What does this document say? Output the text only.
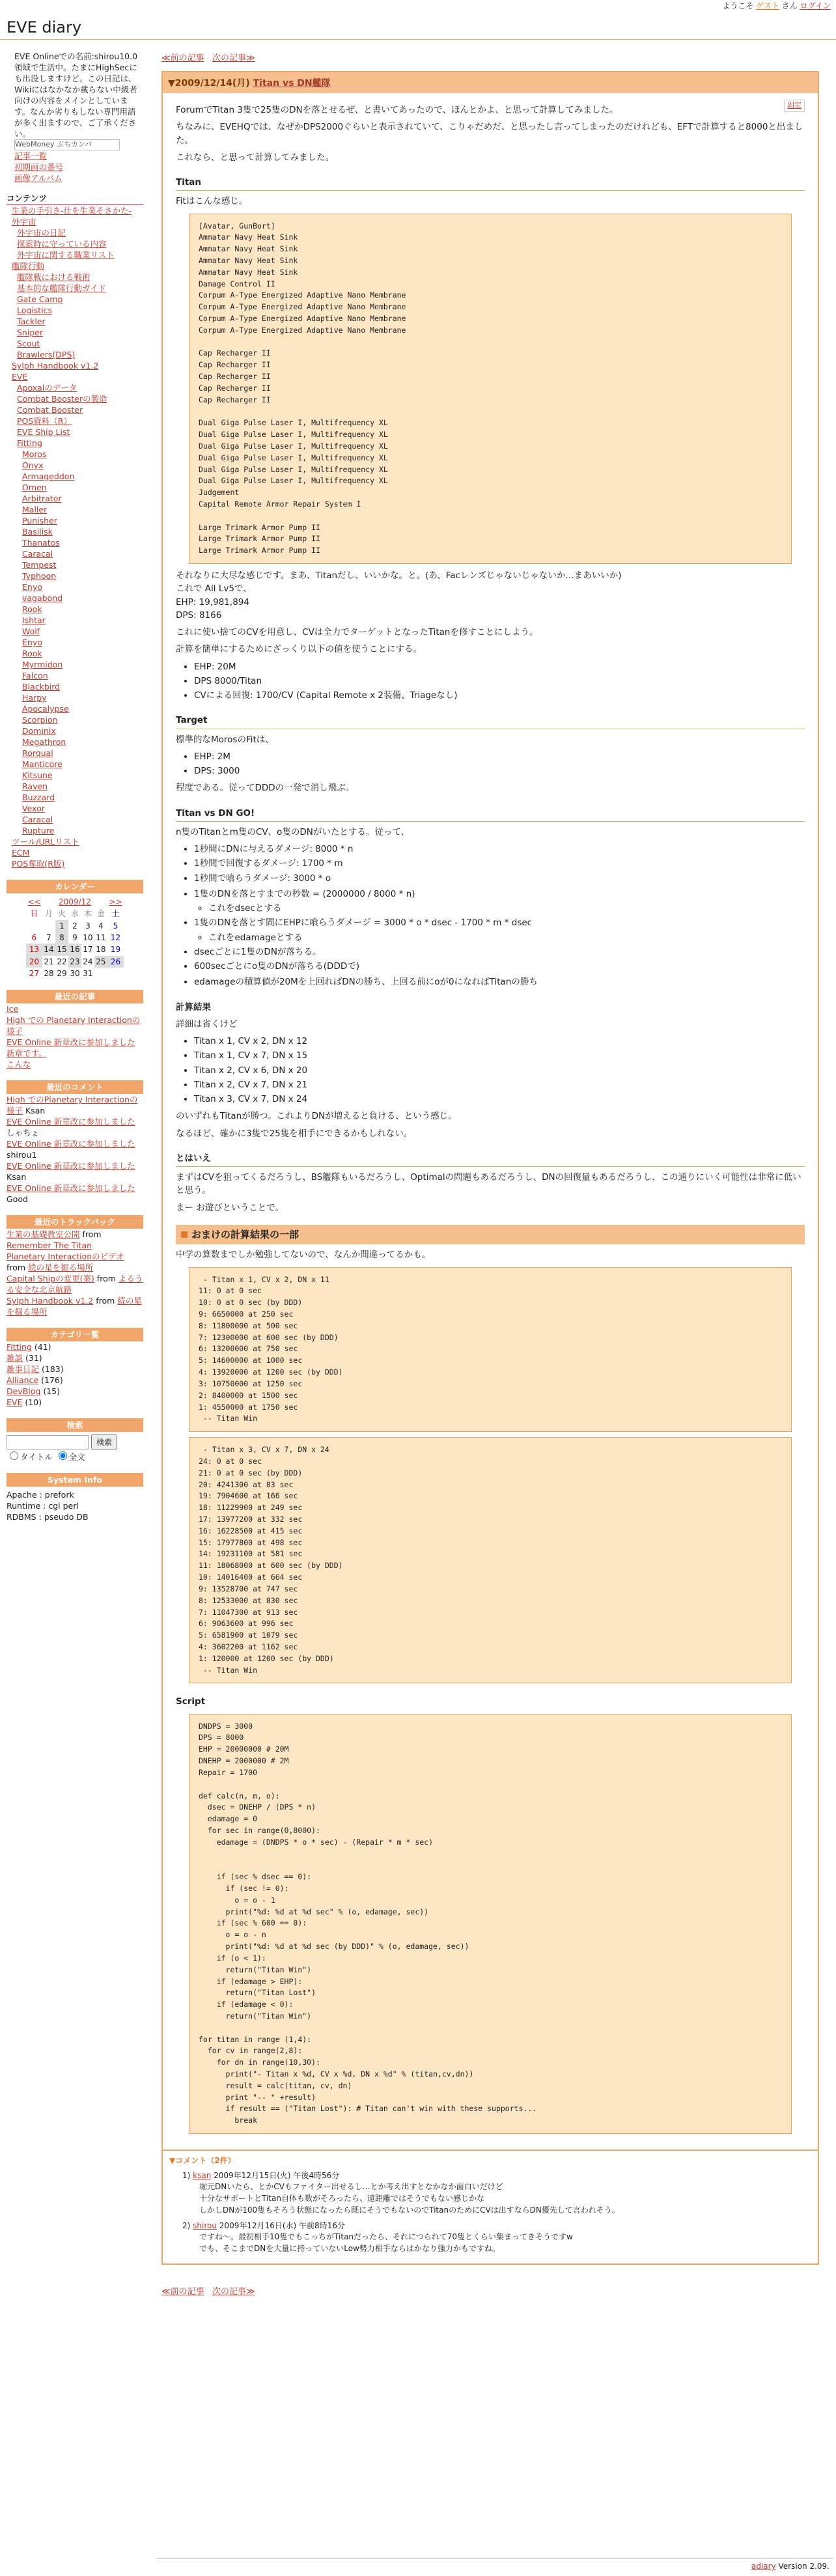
ようこそ ゲスト さん ログイン
EVE diary
EVE Onlineでの名前:shirou10.0領域で生活中。たまにHighSecにも出没しますけど。この日記は、Wikiにはなかなか載らない中級者向けの内容をメインとしています。なんか劣りもしない専門用語が多く出ますので、ご了承ください。
WebMoney ぷちカンパ
記事一覧
初期画の番号
画像アルバム
コンテンツ
生業の手引き-仕を生業そさかた-
外宇宙
外宇宙の日記
探索時に守っている内容
外宇宙に関する職業リスト
艦隊行動
艦隊戦における戦術
基本的な艦隊行動ガイド
Gate Camp
Logistics
Tackler
Sniper
Scout
Brawlers(DPS)
Sylph Handbook v1.2
EVE
Apoxalのデータ
Combat Boosterの製造
Combat Booster
POS資料（R）
EVE Ship List
Fitting
Moros
Onyx
Armageddon
Omen
Arbitrator
Maller
Punisher
Basilisk
Thanatos
Caracal
Tempest
Typhoon
Enyo
vagabond
Rook
Ishtar
Wolf
Enyo
Rook
Myrmidon
Falcon
Blackbird
Harpy
Apocalypse
Scorpion
Dominix
Megathron
Rorqual
Manticore
Kitsune
Raven
Buzzard
Vexor
Caracal
Rupture
ツール/URLリスト
ECM
POS奪取(R版)
カレンダー
<<	2009/12					>>
日	月	火	水	木	金	土
		1	2	3	4	5
6	7	8	9	10	11	12
13	14	15	16	17	18	19
20	21	22	23	24	25	26
27	28	29	30	31		
最近の記事
Ice
High での Planetary Interactionの様子
EVE Online 新章改に参加しました
新章です。
こんな
最近のコメント
High でのPlanetary Interactionの様子 Ksan
EVE Online 新章改に参加しました しゃちょ
EVE Online 新章改に参加しました shirou1
EVE Online 新章改に参加しました Ksan
EVE Online 新章改に参加しました Good
最近のトラックバック
生業の基礎教室公開 from Remember The Titan
Planetary Interactionのビデオ from 続の星を掘る場所
Capital Shipの変更(案) from よるうる安全な北京航路
Sylph Handbook v1.2 from 続の星を掘る場所
カテゴリ一覧
Fitting (41)
雑談 (31)
雑事日記 (183)
Alliance (176)
DevBlog (15)
EVE (10)
検索
検索
タイトル 全文
System Info
Apache : prefork
Runtime : cgi perl
RDBMS : pseudo DB
≪前の記事 次の記事≫
▼2009/12/14(月) Titan vs DN艦隊
固定

ForumでTitan 3隻で25隻のDNを落とせるぜ、と書いてあったので、ほんとかよ、と思って計算してみました。

ちなみに、EVEHQでは、なぜかDPS2000ぐらいと表示されていて、こりゃだめだ、と思ったし言ってしまったのだけれども、EFTで計算すると8000と出ました。

これなら、と思って計算してみました。

Titan

Fitはこんな感じ。

[Avatar, GunBort]
Ammatar Navy Heat Sink
Ammatar Navy Heat Sink
Ammatar Navy Heat Sink
Ammatar Navy Heat Sink
Damage Control II
Corpum A-Type Energized Adaptive Nano Membrane
Corpum A-Type Energized Adaptive Nano Membrane
Corpum A-Type Energized Adaptive Nano Membrane
Corpum A-Type Energized Adaptive Nano Membrane

Cap Recharger II
Cap Recharger II
Cap Recharger II
Cap Recharger II
Cap Recharger II

Dual Giga Pulse Laser I, Multifrequency XL
Dual Giga Pulse Laser I, Multifrequency XL
Dual Giga Pulse Laser I, Multifrequency XL
Dual Giga Pulse Laser I, Multifrequency XL
Dual Giga Pulse Laser I, Multifrequency XL
Dual Giga Pulse Laser I, Multifrequency XL
Judgement
Capital Remote Armor Repair System I

Large Trimark Armor Pump II
Large Trimark Armor Pump II
Large Trimark Armor Pump II
それなりに大尽な感じです。まあ、Titanだし、いいかな。と。(あ、Facレンズじゃないじゃないか…まあいいか)
これで All Lv5で、
EHP: 19,981,894
DPS: 8166

これに使い捨てのCVを用意し、CVは全力でターゲットとなったTitanを修すことにしよう。

計算を簡単にするためにざっくり以下の値を使うことにする。

• EHP: 20M
• DPS 8000/Titan
• CVによる回復: 1700/CV (Capital Remote x 2装備、Triageなし)
Target

標準的なMorosのFitは、

• EHP: 2M
• DPS: 3000

程度である。従ってDDDの一発で消し飛ぶ。

Titan vs DN GO!

n隻のTitanとm隻のCV、o隻のDNがいたとする。従って、

• 1秒間にDNに与えるダメージ: 8000 * n
• 1秒間で回復するダメージ: 1700 * m
• 1秒間で喰らうダメージ: 3000 * o
• 1隻のDNを落とすまでの秒数 = (2000000 / 8000 * n)
◦ これをdsecとする
• 1隻のDNを落とす間にEHPに喰らうダメージ = 3000 * o * dsec - 1700 * m * dsec
◦ これをedamageとする
• dsecごとに1隻のDNが落ちる。
• 600secごとにo隻のDNが落ちる(DDDで)
• edamageの積算値が20Mを上回ればDNの勝ち、上回る前にoが0になればTitanの勝ち
計算結果

詳細は省くけど

• Titan x 1, CV x 2, DN x 12
• Titan x 1, CV x 7, DN x 15
• Titan x 2, CV x 6, DN x 20
• Titan x 2, CV x 7, DN x 21
• Titan x 3, CV x 7, DN x 24

のいずれもTitanが勝つ。これよりDNが増えると負ける、という感じ。

なるほど、確かに3隻で25隻を相手にできるかもしれない。

とはいえ

まずはCVを狙ってくるだろうし、BS艦隊もいるだろうし、Optimalの問題もあるだろうし、DNの回復量もあるだろうし、この通りにいく可能性は非常に低いと思う。

まー お遊びということで。

おまけの計算結果の一部

中学の算数までしか勉強してないので、なんか間違ってるかも。

- Titan x 1, CV x 2, DN x 11
11: 0 at 0 sec
10: 0 at 0 sec (by DDD)
9: 6650000 at 250 sec
8: 11800000 at 500 sec
7: 12300000 at 600 sec (by DDD)
6: 13200000 at 750 sec
5: 14600000 at 1000 sec
4: 13920000 at 1200 sec (by DDD)
3: 10750000 at 1250 sec
2: 8400000 at 1500 sec
1: 4550000 at 1750 sec
-- Titan Win
- Titan x 3, CV x 7, DN x 24
24: 0 at 0 sec
21: 0 at 0 sec (by DDD)
20: 4241300 at 83 sec
19: 7904600 at 166 sec
18: 11229900 at 249 sec
17: 13977200 at 332 sec
16: 16228500 at 415 sec
15: 17977800 at 498 sec
14: 19231100 at 581 sec
11: 18068000 at 600 sec (by DDD)
10: 14016400 at 664 sec
9: 13528700 at 747 sec
8: 12533000 at 830 sec
7: 11047300 at 913 sec
6: 9063600 at 996 sec
5: 6581900 at 1079 sec
4: 3602200 at 1162 sec
1: 120000 at 1200 sec (by DDD)
-- Titan Win
Script
DNDPS = 3000
DPS = 8000
EHP = 20000000 # 20M
DNEHP = 2000000 # 2M
Repair = 1700

def calc(n, m, o):
dsec = DNEHP / (DPS * n)
edamage = 0
for sec in range(0,8000):
edamage = (DNDPS * o * sec) - (Repair * m * sec)

if (sec % dsec == 0):
if (sec != 0):
o = o - 1
print("%d: %d at %d sec" % (o, edamage, sec))
if (sec % 600 == 0):
o = o - n
print("%d: %d at %d sec (by DDD)" % (o, edamage, sec))
if (o < 1):
return("Titan Win")
if (edamage > EHP):
return("Titan Lost")
if (edamage < 0):
return("Titan Win")

for titan in range (1,4):
for cv in range(2,8):
for dn in range(10,30):
print("- Titan x %d, CV x %d, DN x %d" % (titan,cv,dn))
result = calc(titan, cv, dn)
print "-- " +result)
if result == ("Titan Lost"): # Titan can't win with these supports...
break
▼コメント（2件）
1) ksan 2009年12月15日(火) 午後4時56分
堀元DNいたら、とかCVもファイター出せるし…とか考え出すとなかなか面白いだけど
十分なサポートとTitan自体も数がそろったら、遠距離ではそうでもない感じかな
しかしDNが100隻もそろう状態になったら既にそうでもないのでTitanのためにCVは出すならDN優先して言われそう。
2) shirou 2009年12月16日(水) 午前8時16分
ですね～。最初相手10隻でもこっちがTitanだったら、それにつられて70隻とくらい集まってきそうですw
でも、そこまでDNを大量に持っていないLow勢力相手ならはかなり強力かもですね。
≪前の記事 次の記事≫
adiary Version 2.09.
